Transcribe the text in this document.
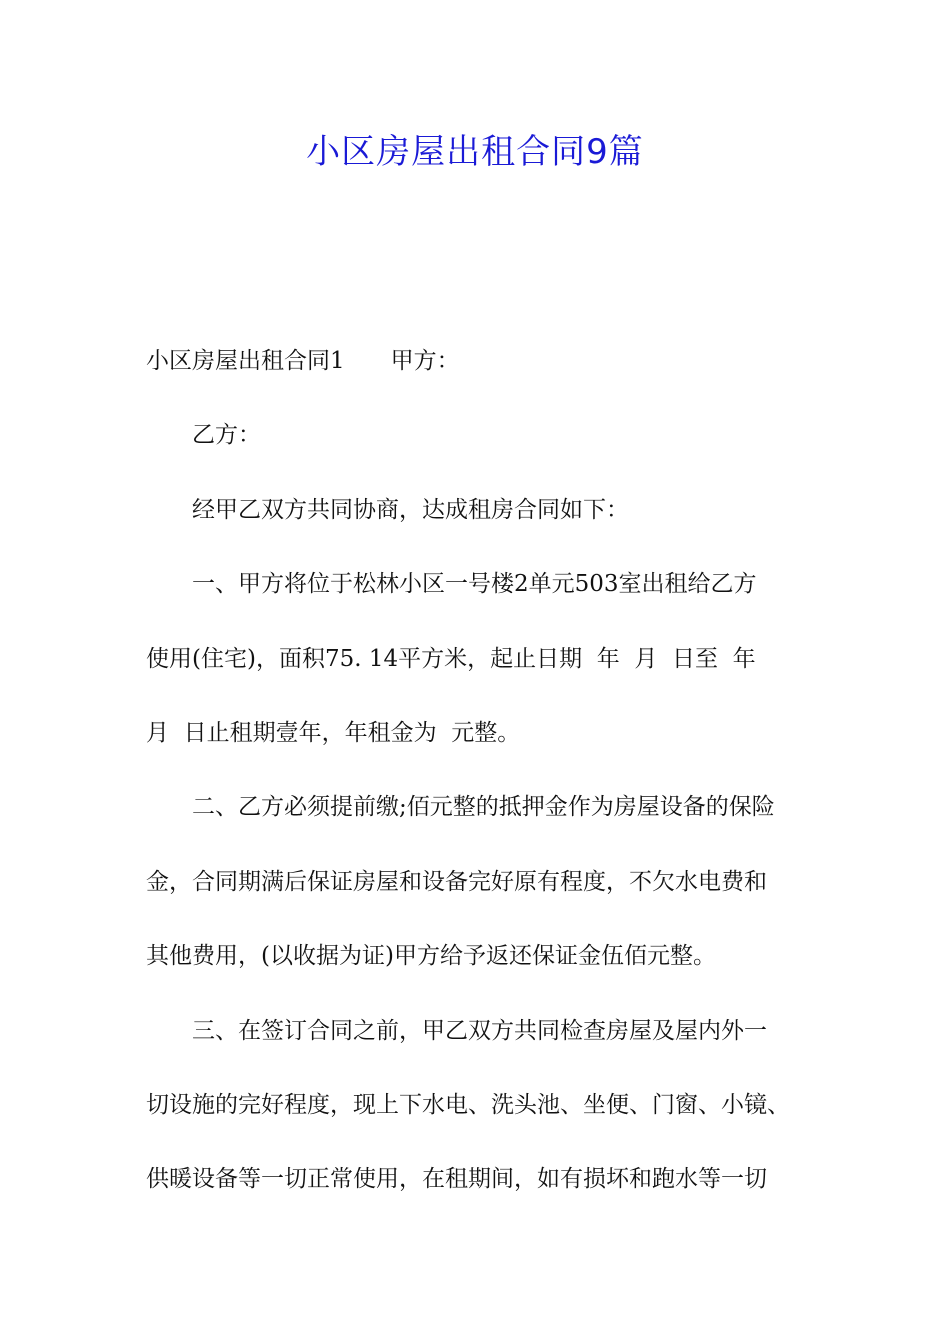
小区房屋出租合同9篇
小区房屋出租合同1　　甲方：
乙方：
经甲乙双方共同协商，达成租房合同如下：
一、甲方将位于松林小区一号楼2单元503室出租给乙方
使用(住宅)，面积75. 14平方米，起止日期  年  月  日至  年
月  日止租期壹年，年租金为  元整。
二、乙方必须提前缴;佰元整的抵押金作为房屋设备的保险
金，合同期满后保证房屋和设备完好原有程度，不欠水电费和
其他费用，(以收据为证)甲方给予返还保证金伍佰元整。
三、在签订合同之前，甲乙双方共同检查房屋及屋内外一
切设施的完好程度，现上下水电、洗头池、坐便、门窗、小镜、
供暖设备等一切正常使用，在租期间，如有损坏和跑水等一切
